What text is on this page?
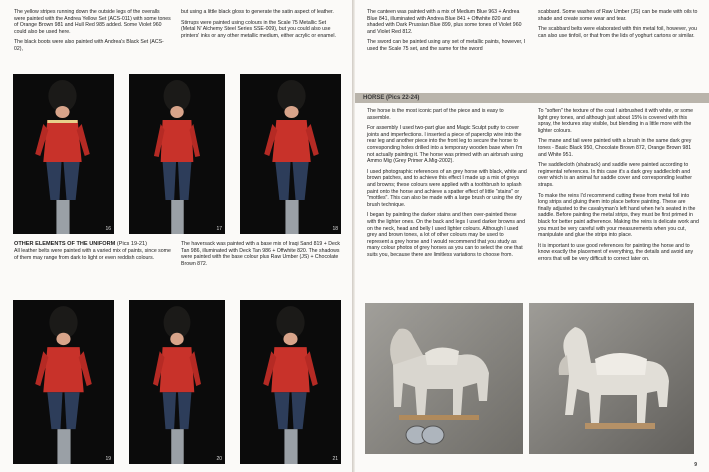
The yellow stripes running down the outside legs of the overalls were painted with the Andrea Yellow Set (ACS-011) with some tones of Orange Brown 981 and Hull Red 985 added. Some Violet 960 could also be used here.

The black boots were also painted with Andrea's Black Set (ACS-02),

but using a little black gloss to generate the satin aspect of leather.

Stirrups were painted using colours in the Scale 75 Metallic Set (Metal N' Alchemy Steel Series SSE-009), but you could also use printers' inks or any other metallic medium, either acrylic or enamel.

16	17	18

OTHER ELEMENTS OF THE UNIFORM (Pics 19-21)

All leather belts were painted with a varied mix of paints, since some of them may range from dark to light or even reddish colours.

The haversack was painted with a base mix of Iraqi Sand 819 + Deck Tan 986, illuminated with Deck Tan 986 + Offwhite 820. The shadows were painted with the base colour plus Raw Umber (JS) + Chocolate Brown 872.

19	20	21

The canteen was painted with a mix of Medium Blue 963 + Andrea Blue 841, illuminated with Andrea Blue 841 + Offwhite 820 and shaded with Dark Prussian Blue 899, plus some tones of Violet 960 and Violet Red 812.

The sword can be painted using any set of metallic paints, however, I used the Scale 75 set, and the same for the sword

scabbard. Some washes of Raw Umber (JS) can be made with oils to shade and create some wear and tear.

The scabbard belts were elaborated with thin metal foil, however, you can also use tinfoil, or that from the lids of yoghurt cartons or similar.

HORSE (Pics 22-24)

The horse is the most iconic part of the piece and is easy to assemble.

For assembly I used two-part glue and Magic Sculpt putty to cover joints and imperfections. I inserted a piece of paperclip wire into the rear leg and another piece into the front leg to secure the horse to corresponding holes drilled into a temporary wooden base when I'm not actually painting it. The horse was primed with an airbrush using Ammo Mig (Grey Primer A.Mig-2002).

I used photographic references of an grey horse with black, white and brown patches, and to achieve this effect I made up a mix of greys and browns; these colours were applied with a toothbrush to splash paint onto the horse and achieve a spatter effect of little "stains" or "mottles". This can also be made with a large brush or using the dry brush technique.

I began by painting the darker stains and then over-painted these with the lighter ones. On the back and legs I used darker browns and on the neck, head and belly I used lighter colours. Although I used grey and brown tones, a lot of other colours may be used to represent a grey horse and I would recommend that you study as many colour photos of grey horses as you can to select the one that suits you, because there are limitless variations to choose from.

To "soften" the texture of the coat I airbrushed it with white, or some light grey tones, and although just about 15% is covered with this spray, the textures stay visible, but blending in a little more with the lighter colours.

The mane and tail were painted with a brush in the same dark grey tones - Basic Black 950, Chocolate Brown 872, Orange Brown 981 and White 951.

The saddlecloth (shabrack) and saddle were painted according to regimental references. In this case it's a dark grey saddlecloth and over which is an animal fur saddle cover and corresponding leather straps.

To make the reins I'd recommend cutting these from metal foil into long strips and gluing them into place before painting. These are finally adjusted to the cavalryman's left hand when he's seated in the saddle. Before painting the metal strips, they must be first primed in black for better paint adherence. Making the reins is delicate work and you must be very careful with your measurements when you cut, manipulate and glue the strips into place.

It is important to use good references for painting the horse and to know exactly the placement of everything, the details and avoid any errors that will be very difficult to correct later on.

9
